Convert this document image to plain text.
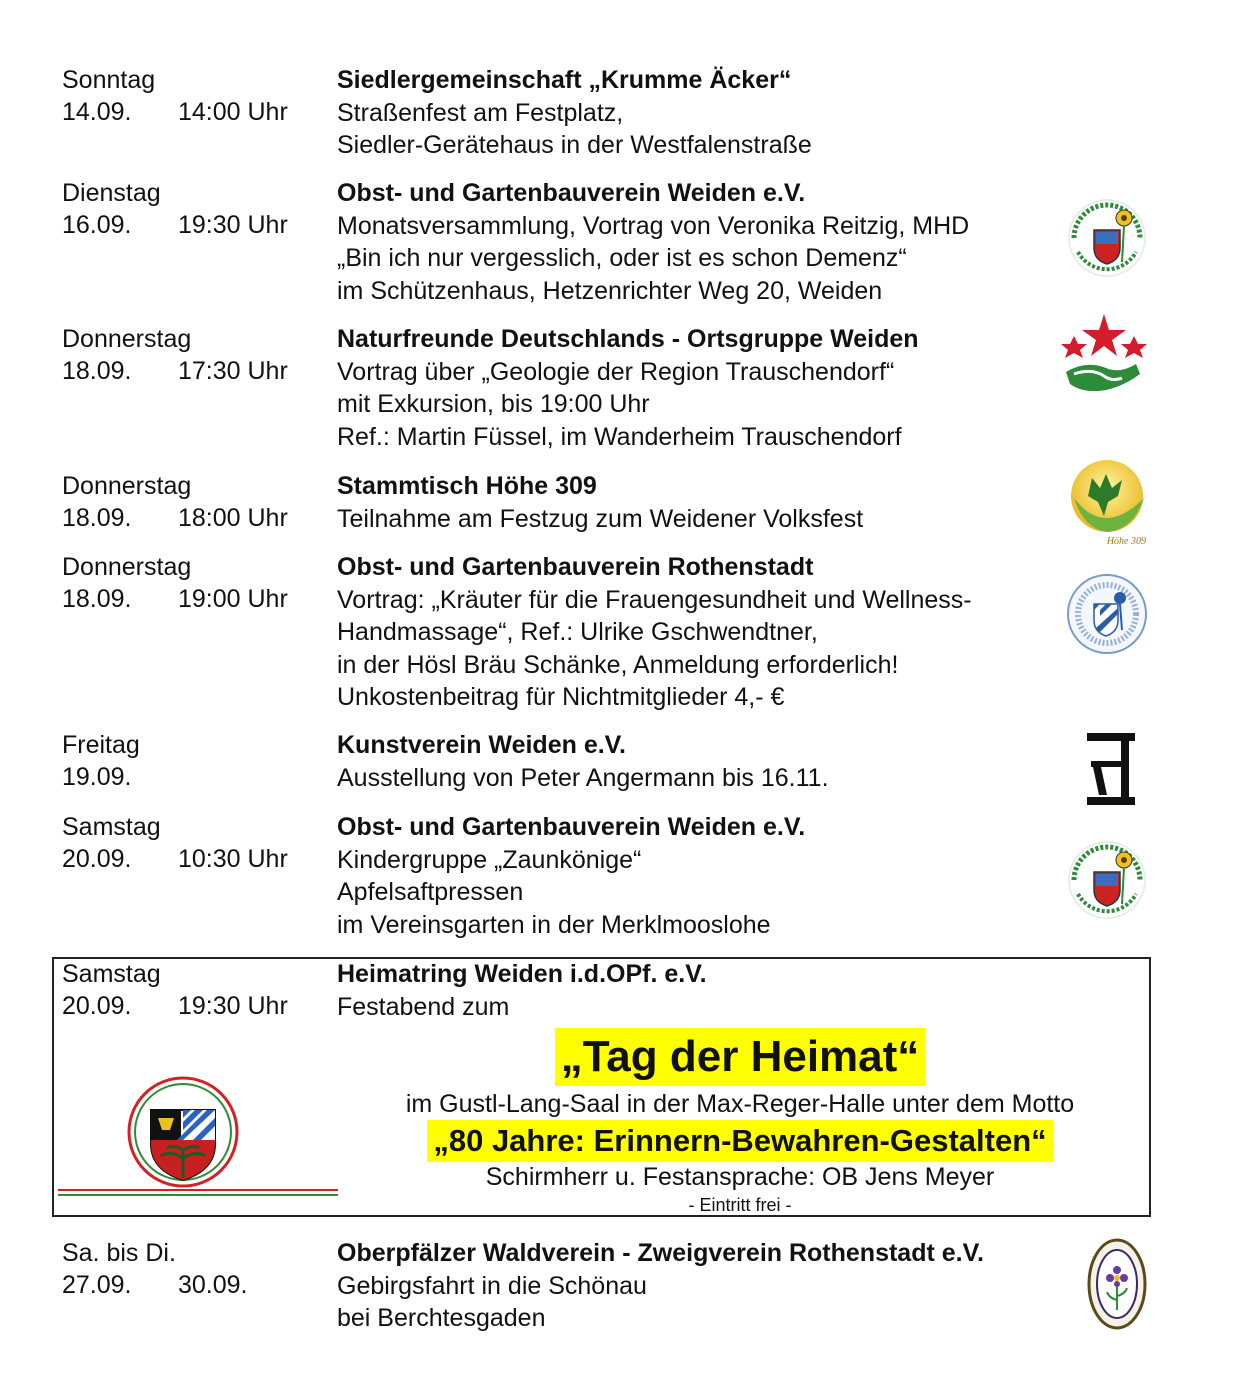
Sonntag
14.09. 14:00 Uhr
Siedlergemeinschaft „Krumme Äcker“
Straßenfest am Festplatz,
Siedler-Gerätehaus in der Westfalenstraße
Dienstag
16.09. 19:30 Uhr
Obst- und Gartenbauverein Weiden e.V.
Monatsversammlung, Vortrag von Veronika Reitzig, MHD
„Bin ich nur vergesslich, oder ist es schon Demenz“
im Schützenhaus, Hetzenrichter Weg 20, Weiden
Donnerstag
18.09. 17:30 Uhr
Naturfreunde Deutschlands - Ortsgruppe Weiden
Vortrag über „Geologie der Region Trauschendorf“
mit Exkursion, bis 19:00 Uhr
Ref.: Martin Füssel, im Wanderheim Trauschendorf
Donnerstag
18.09. 18:00 Uhr
Stammtisch Höhe 309
Teilnahme am Festzug zum Weidener Volksfest
Höhe 309
Donnerstag
18.09. 19:00 Uhr
Obst- und Gartenbauverein Rothenstadt
Vortrag: „Kräuter für die Frauengesundheit und Wellness-
Handmassage“, Ref.: Ulrike Gschwendtner,
in der Hösl Bräu Schänke, Anmeldung erforderlich!
Unkostenbeitrag für Nichtmitglieder 4,- €
Freitag
19.09.
Kunstverein Weiden e.V.
Ausstellung von Peter Angermann bis 16.11.
Samstag
20.09. 10:30 Uhr
Obst- und Gartenbauverein Weiden e.V.
Kindergruppe „Zaunkönige“
Apfelsaftpressen
im Vereinsgarten in der Merklmooslohe
Samstag
20.09. 19:30 Uhr
Heimatring Weiden i.d.OPf. e.V.
Festabend zum
„Tag der Heimat“
im Gustl-Lang-Saal in der Max-Reger-Halle unter dem Motto
„80 Jahre: Erinnern-Bewahren-Gestalten“
Schirmherr u. Festansprache: OB Jens Meyer
- Eintritt frei -
Sa. bis Di.
27.09. 30.09.
Oberpfälzer Waldverein - Zweigverein Rothenstadt e.V.
Gebirgsfahrt in die Schönau
bei Berchtesgaden
